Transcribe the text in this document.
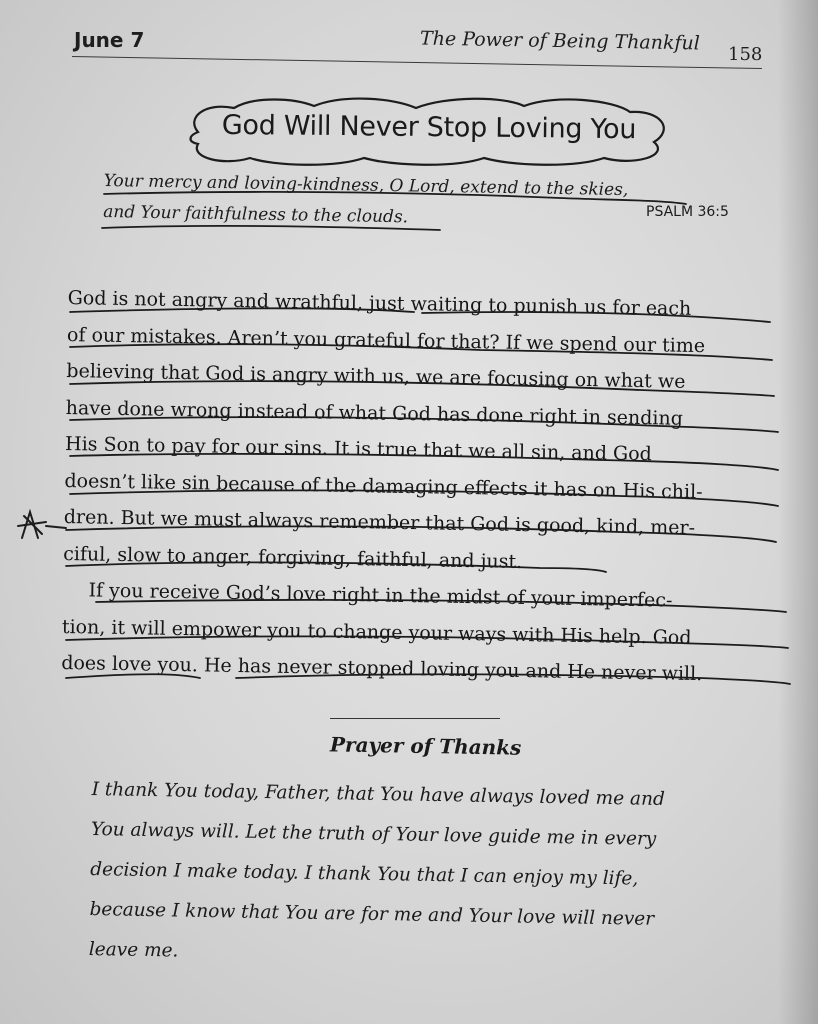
June 7	The Power of Being Thankful
158
God Will Never Stop Loving You
Your mercy and loving-kindness, O Lord, extend to the skies,
and Your faithfulness to the clouds.	PSALM 36:5
God is not angry and wrathful, just waiting to punish us for each
of our mistakes. Aren’t you grateful for that? If we spend our time
believing that God is angry with us, we are focusing on what we
have done wrong instead of what God has done right in sending
His Son to pay for our sins. It is true that we all sin, and God
doesn’t like sin because of the damaging effects it has on His chil-
dren. But we must always remember that God is good, kind, mer-
ciful, slow to anger, forgiving, faithful, and just.
If you receive God’s love right in the midst of your imperfec-
tion, it will empower you to change your ways with His help. God
does love you. He has never stopped loving you and He never will.
Prayer of Thanks
I thank You today, Father, that You have always loved me and
You always will. Let the truth of Your love guide me in every
decision I make today. I thank You that I can enjoy my life,
because I know that You are for me and Your love will never
leave me.
